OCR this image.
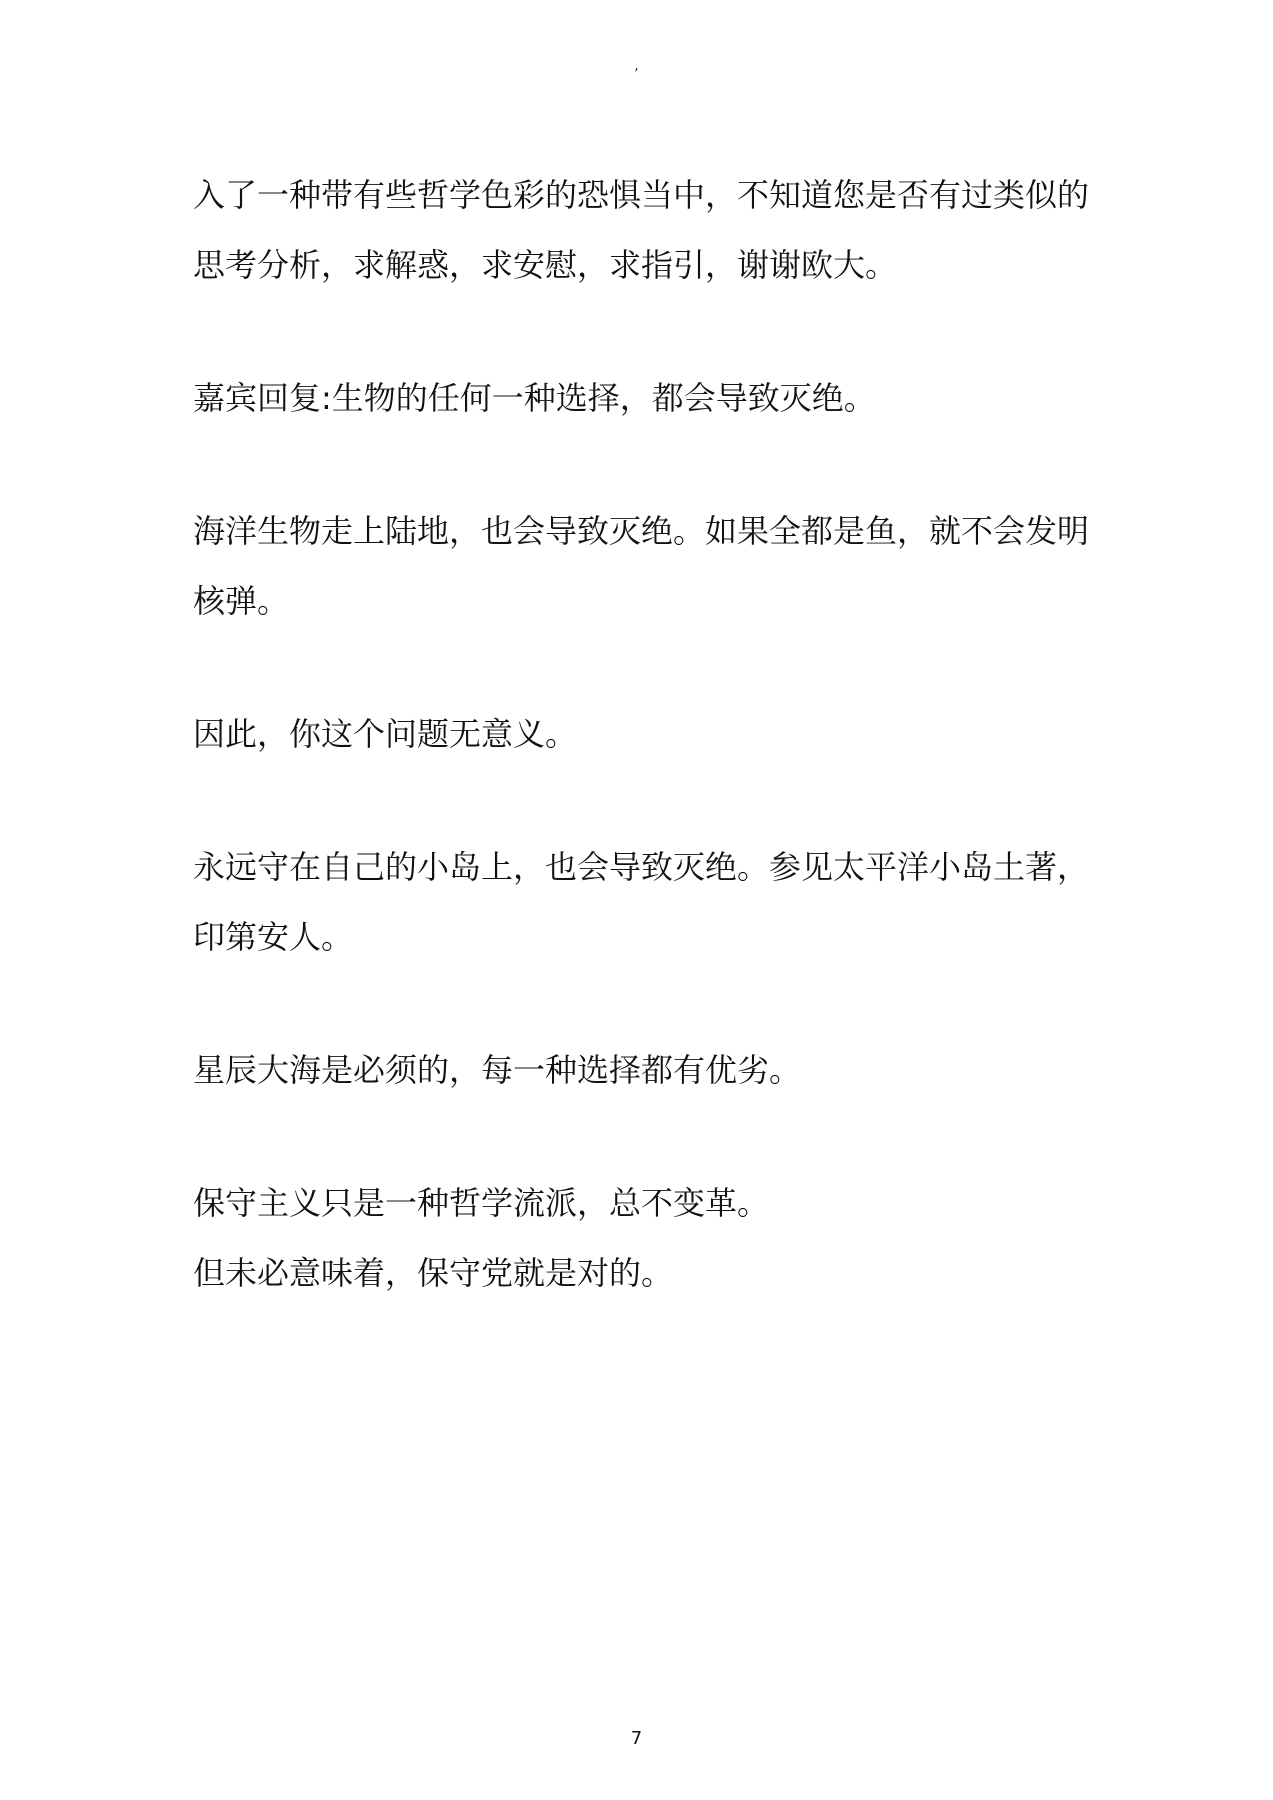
,

入了一种带有些哲学色彩的恐惧当中，不知道您是否有过类似的
思考分析，求解惑，求安慰，求指引，谢谢欧大。

嘉宾回复:生物的任何一种选择，都会导致灭绝。

海洋生物走上陆地，也会导致灭绝。如果全都是鱼，就不会发明
核弹。

因此，你这个问题无意义。

永远守在自己的小岛上，也会导致灭绝。参见太平洋小岛土著，
印第安人。

星辰大海是必须的，每一种选择都有优劣。

保守主义只是一种哲学流派，总不变革。

但未必意味着，保守党就是对的。

7
